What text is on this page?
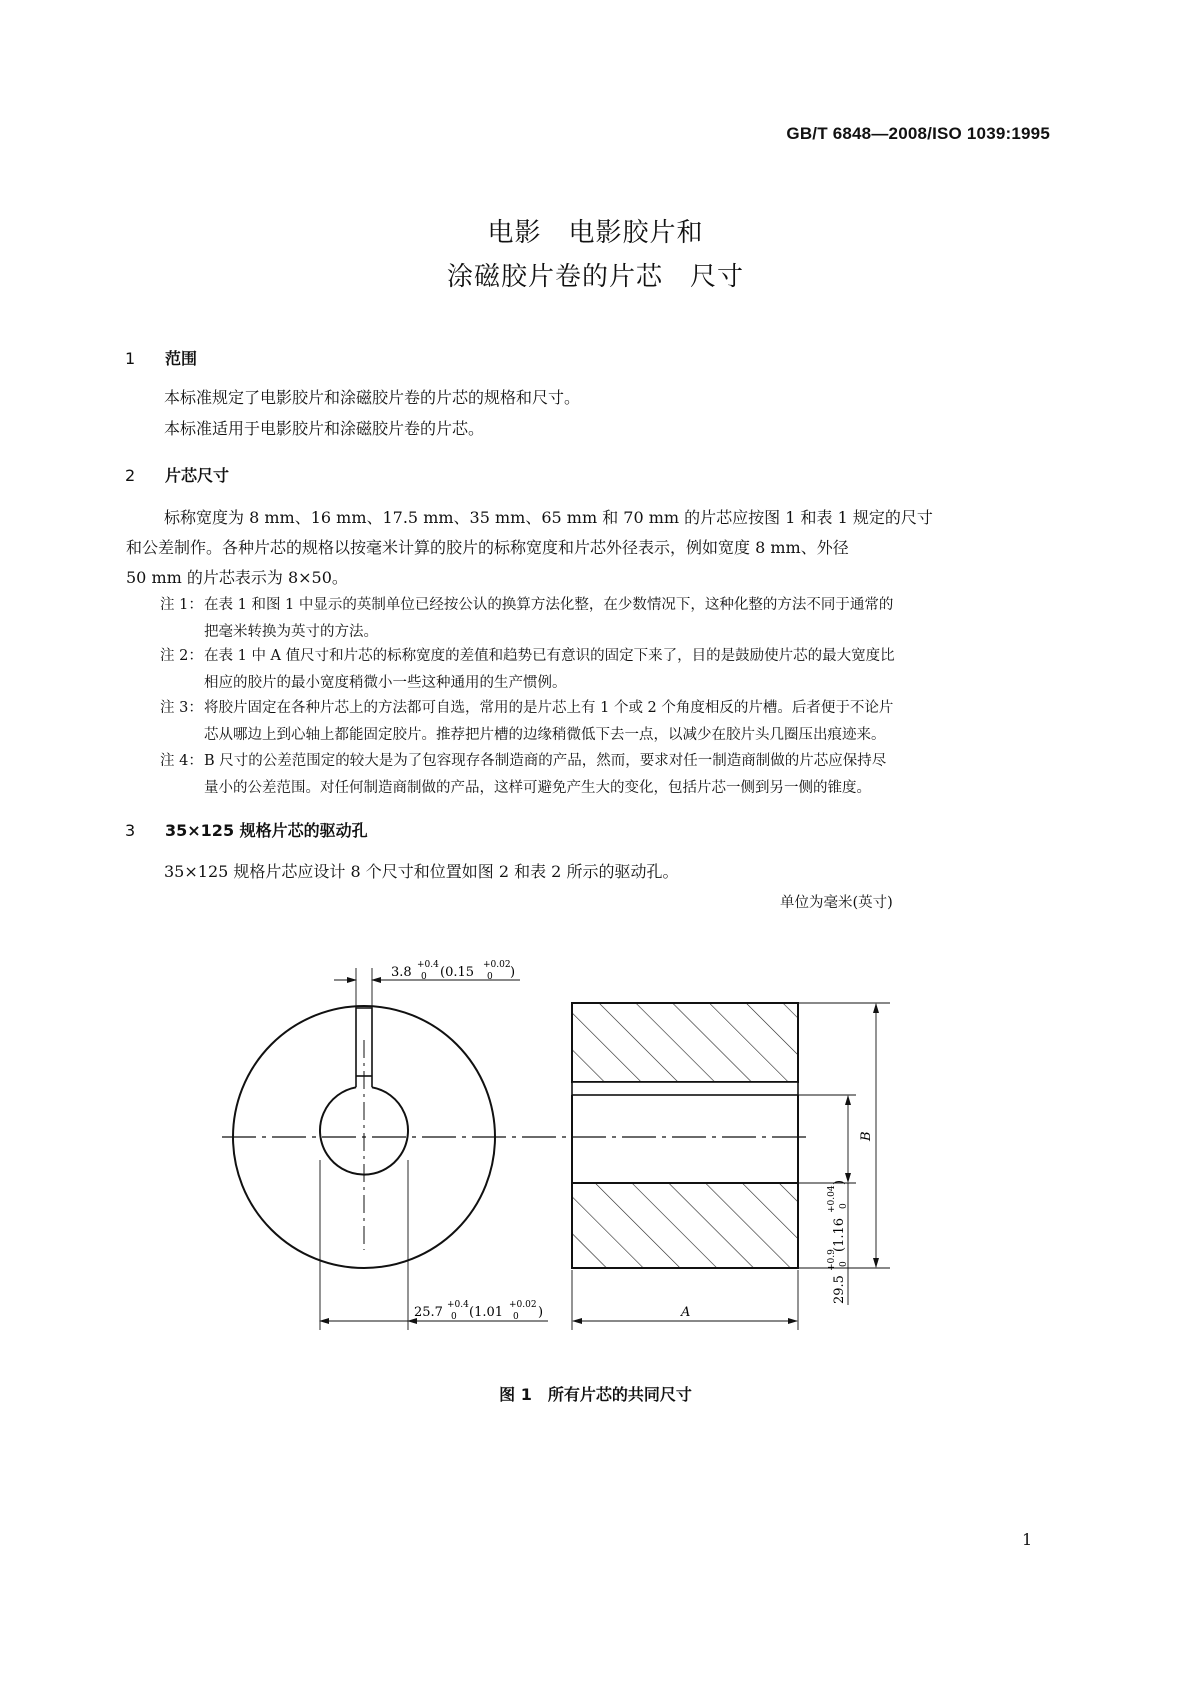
GB/T 6848—2008/ISO 1039:1995
电影　电影胶片和
涂磁胶片卷的片芯　尺寸
1 范围
本标准规定了电影胶片和涂磁胶片卷的片芯的规格和尺寸。
本标准适用于电影胶片和涂磁胶片卷的片芯。
2 片芯尺寸
标称宽度为 8 mm、16 mm、17.5 mm、35 mm、65 mm 和 70 mm 的片芯应按图 1 和表 1 规定的尺寸
和公差制作。各种片芯的规格以按毫米计算的胶片的标称宽度和片芯外径表示，例如宽度 8 mm、外径
50 mm 的片芯表示为 8×50。
注 1：在表 1 和图 1 中显示的英制单位已经按公认的换算方法化整，在少数情况下，这种化整的方法不同于通常的
把毫米转换为英寸的方法。
注 2：在表 1 中 A 值尺寸和片芯的标称宽度的差值和趋势已有意识的固定下来了，目的是鼓励使片芯的最大宽度比
相应的胶片的最小宽度稍微小一些这种通用的生产惯例。
注 3：将胶片固定在各种片芯上的方法都可自选，常用的是片芯上有 1 个或 2 个角度相反的片槽。后者便于不论片
芯从哪边上到心轴上都能固定胶片。推荐把片槽的边缘稍微低下去一点，以减少在胶片头几圈压出痕迹来。
注 4：B 尺寸的公差范围定的较大是为了包容现存各制造商的产品，然而，要求对任一制造商制做的片芯应保持尽
量小的公差范围。对任何制造商制做的产品，这样可避免产生大的变化，包括片芯一侧到另一侧的锥度。
3 35×125 规格片芯的驱动孔
35×125 规格片芯应设计 8 个尺寸和位置如图 2 和表 2 所示的驱动孔。
单位为毫米(英寸)
3.8 +0.4
0 (0.15 +0.02
0 )
25.7 +0.4
0 (1.01 +0.02
0 )	A
B
29.5
+0.9 0
(1.16
+0.04 0
)
图 1　所有片芯的共同尺寸
1
